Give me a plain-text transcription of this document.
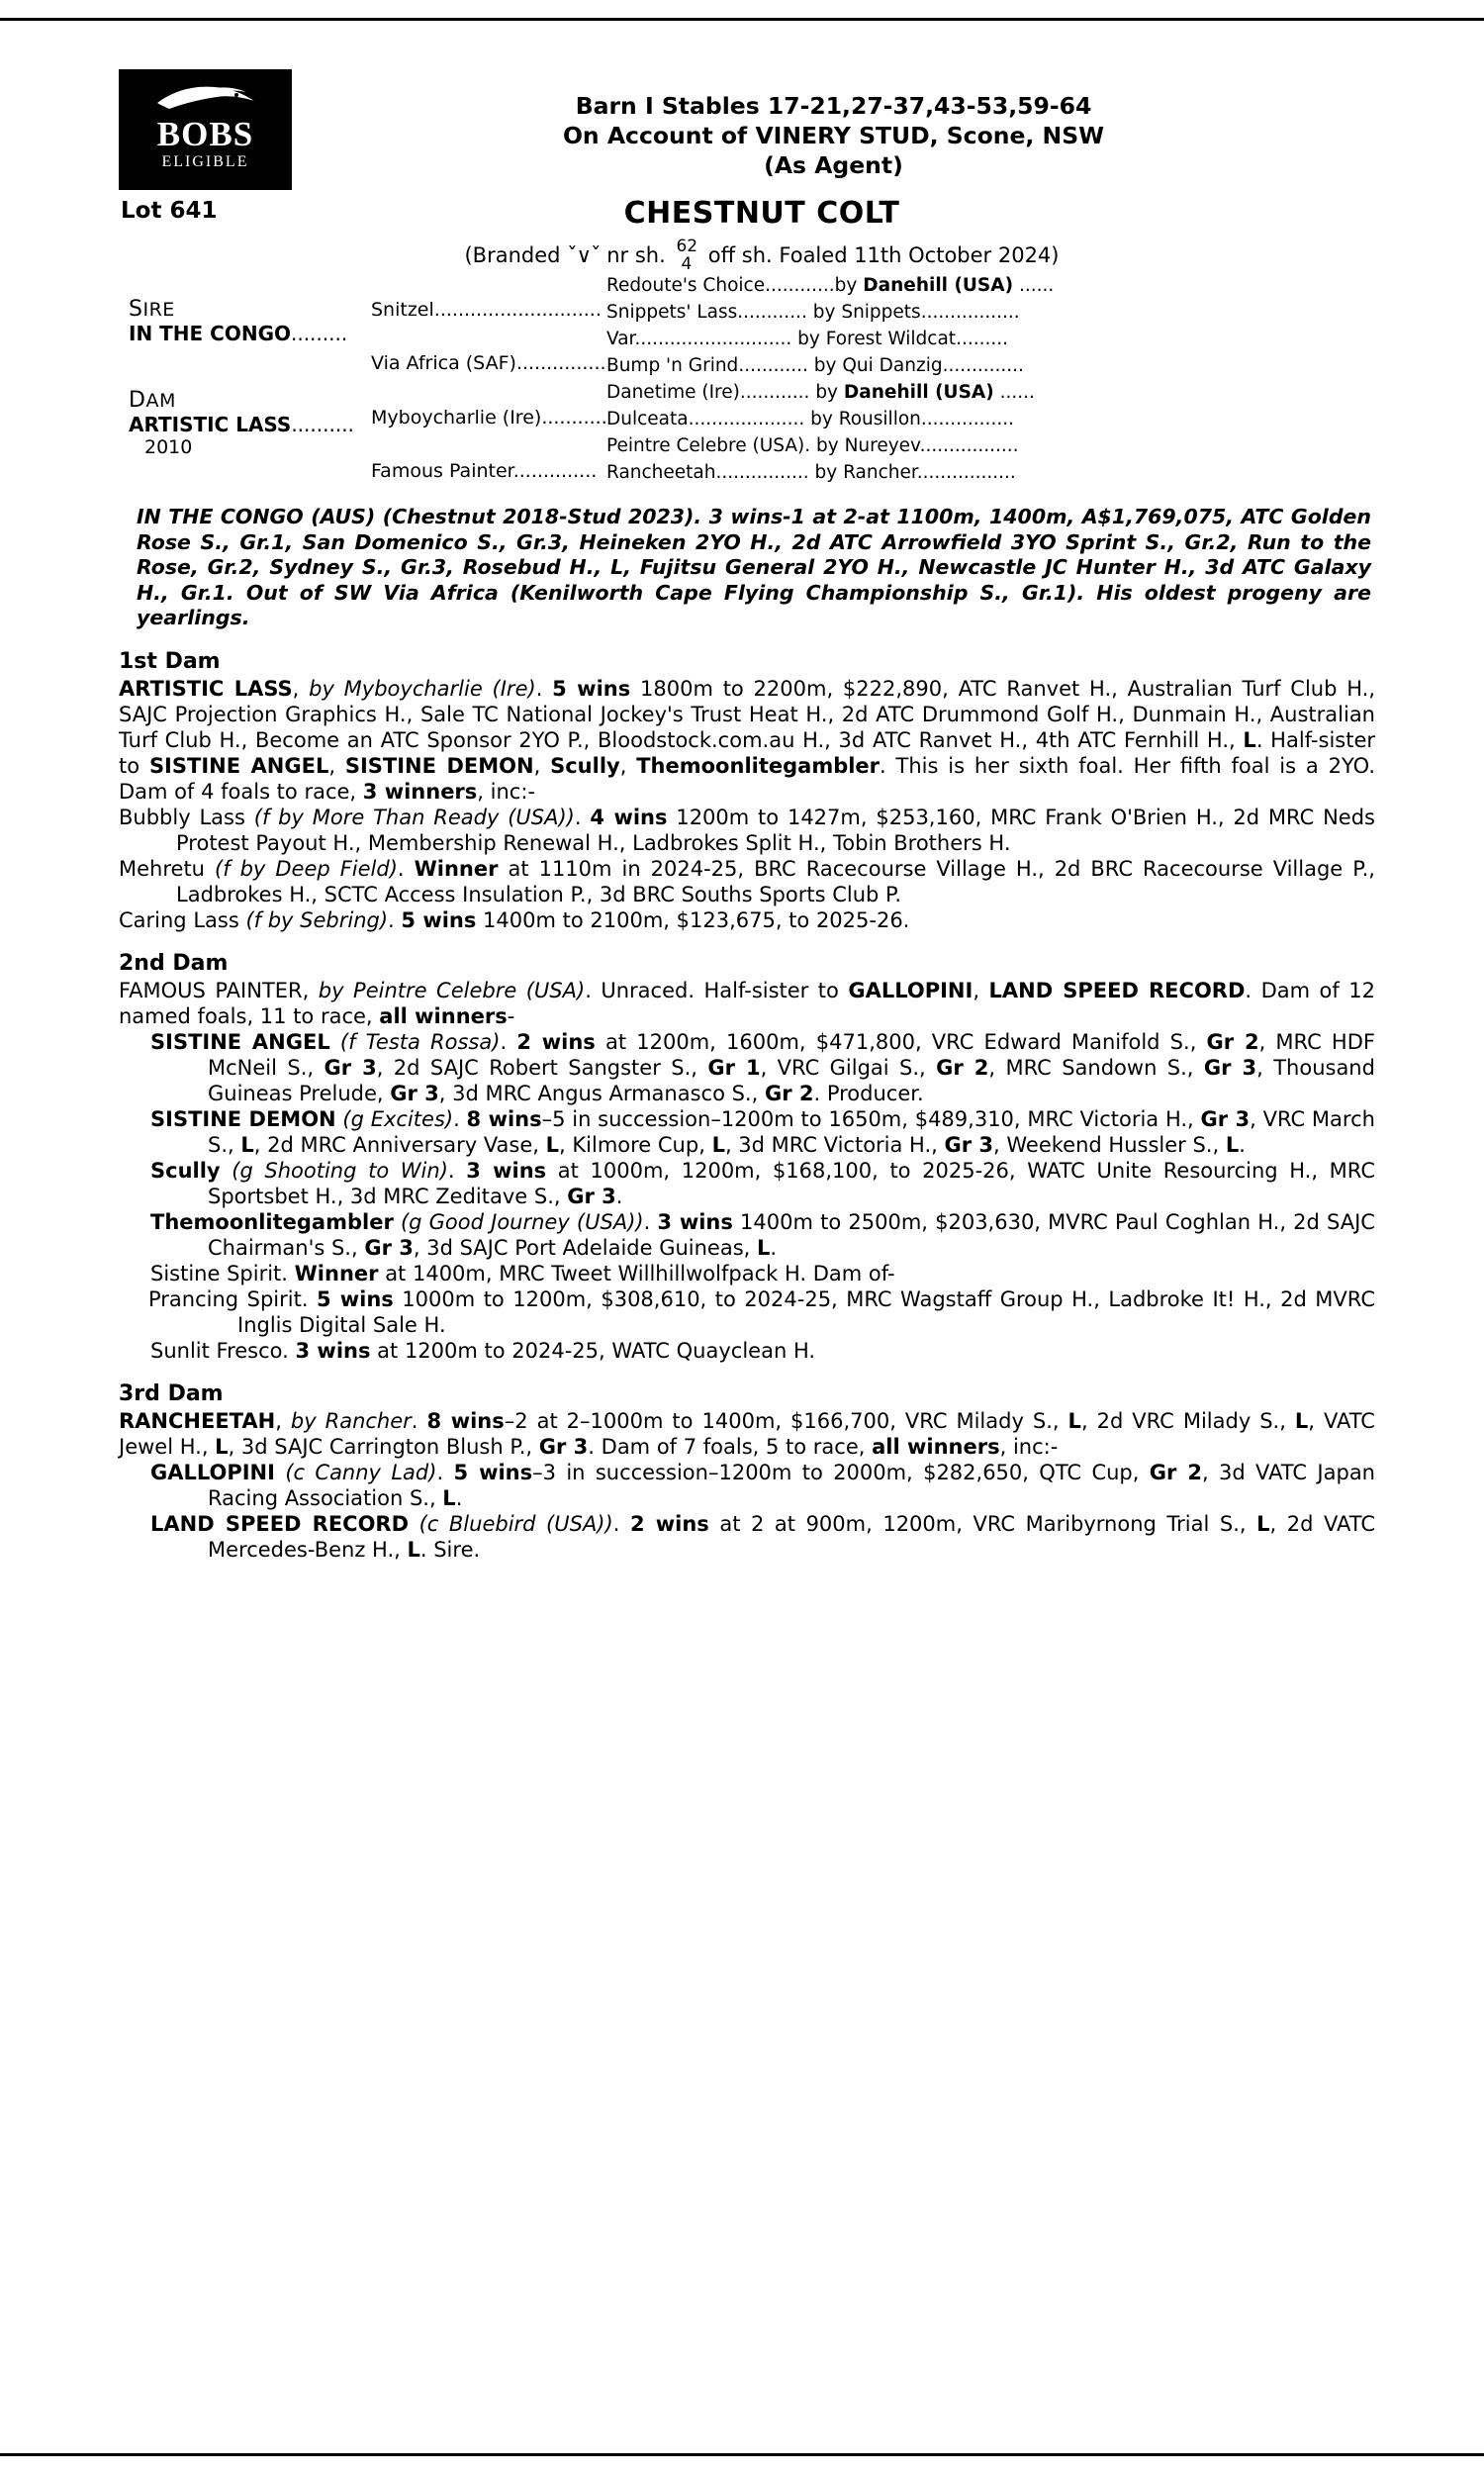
BOBS
ELIGIBLE
Barn I Stables 17-21,27-37,43-53,59-64
On Account of VINERY STUD, Scone, NSW
(As Agent)
Lot 641	CHESTNUT COLT
(Branded ˇ∨ˇ nr sh. 62
4 off sh. Foaled 11th October 2024)
SIRE
IN THE CONGO.........
DAM
ARTISTIC LASS..........
2010
Snitzel............................
Via Africa (SAF)...............
Myboycharlie (Ire)...........
Famous Painter..............
Redoute's Choice............by Danehill (USA) ......
Snippets' Lass............ by Snippets.................
Var........................... by Forest Wildcat.........
Bump 'n Grind............ by Qui Danzig..............
Danetime (Ire)............ by Danehill (USA) ......
Dulceata.................... by Rousillon................
Peintre Celebre (USA). by Nureyev.................
Rancheetah................ by Rancher.................
IN THE CONGO (AUS) (Chestnut 2018-Stud 2023). 3 wins-1 at 2-at 1100m, 1400m, A$1,769,075, ATC Golden Rose S., Gr.1, San Domenico S., Gr.3, Heineken 2YO H., 2d ATC Arrowfield 3YO Sprint S., Gr.2, Run to the Rose, Gr.2, Sydney S., Gr.3, Rosebud H., L, Fujitsu General 2YO H., Newcastle JC Hunter H., 3d ATC Galaxy H., Gr.1. Out of SW Via Africa (Kenilworth Cape Flying Championship S., Gr.1). His oldest progeny are yearlings.
1st Dam
ARTISTIC LASS, by Myboycharlie (Ire). 5 wins 1800m to 2200m, $222,890, ATC Ranvet H., Australian Turf Club H., SAJC Projection Graphics H., Sale TC National Jockey's Trust Heat H., 2d ATC Drummond Golf H., Dunmain H., Australian Turf Club H., Become an ATC Sponsor 2YO P., Bloodstock.com.au H., 3d ATC Ranvet H., 4th ATC Fernhill H., L. Half-sister to SISTINE ANGEL, SISTINE DEMON, Scully, Themoonlitegambler. This is her sixth foal. Her fifth foal is a 2YO. Dam of 4 foals to race, 3 winners, inc:-
Bubbly Lass (f by More Than Ready (USA)). 4 wins 1200m to 1427m, $253,160, MRC Frank O'Brien H., 2d MRC Neds Protest Payout H., Membership Renewal H., Ladbrokes Split H., Tobin Brothers H.
Mehretu (f by Deep Field). Winner at 1110m in 2024-25, BRC Racecourse Village H., 2d BRC Racecourse Village P., Ladbrokes H., SCTC Access Insulation P., 3d BRC Souths Sports Club P.
Caring Lass (f by Sebring). 5 wins 1400m to 2100m, $123,675, to 2025-26.
2nd Dam
FAMOUS PAINTER, by Peintre Celebre (USA). Unraced. Half-sister to GALLOPINI, LAND SPEED RECORD. Dam of 12 named foals, 11 to race, all winners-
SISTINE ANGEL (f Testa Rossa). 2 wins at 1200m, 1600m, $471,800, VRC Edward Manifold S., Gr 2, MRC HDF McNeil S., Gr 3, 2d SAJC Robert Sangster S., Gr 1, VRC Gilgai S., Gr 2, MRC Sandown S., Gr 3, Thousand Guineas Prelude, Gr 3, 3d MRC Angus Armanasco S., Gr 2. Producer.
SISTINE DEMON (g Excites). 8 wins–5 in succession–1200m to 1650m, $489,310, MRC Victoria H., Gr 3, VRC March S., L, 2d MRC Anniversary Vase, L, Kilmore Cup, L, 3d MRC Victoria H., Gr 3, Weekend Hussler S., L.
Scully (g Shooting to Win). 3 wins at 1000m, 1200m, $168,100, to 2025-26, WATC Unite Resourcing H., MRC Sportsbet H., 3d MRC Zeditave S., Gr 3.
Themoonlitegambler (g Good Journey (USA)). 3 wins 1400m to 2500m, $203,630, MVRC Paul Coghlan H., 2d SAJC Chairman's S., Gr 3, 3d SAJC Port Adelaide Guineas, L.
Sistine Spirit. Winner at 1400m, MRC Tweet Willhillwolfpack H. Dam of-
Prancing Spirit. 5 wins 1000m to 1200m, $308,610, to 2024-25, MRC Wagstaff Group H., Ladbroke It! H., 2d MVRC Inglis Digital Sale H.
Sunlit Fresco. 3 wins at 1200m to 2024-25, WATC Quayclean H.
3rd Dam
RANCHEETAH, by Rancher. 8 wins–2 at 2–1000m to 1400m, $166,700, VRC Milady S., L, 2d VRC Milady S., L, VATC Jewel H., L, 3d SAJC Carrington Blush P., Gr 3. Dam of 7 foals, 5 to race, all winners, inc:-
GALLOPINI (c Canny Lad). 5 wins–3 in succession–1200m to 2000m, $282,650, QTC Cup, Gr 2, 3d VATC Japan Racing Association S., L.
LAND SPEED RECORD (c Bluebird (USA)). 2 wins at 2 at 900m, 1200m, VRC Maribyrnong Trial S., L, 2d VATC Mercedes-Benz H., L. Sire.
